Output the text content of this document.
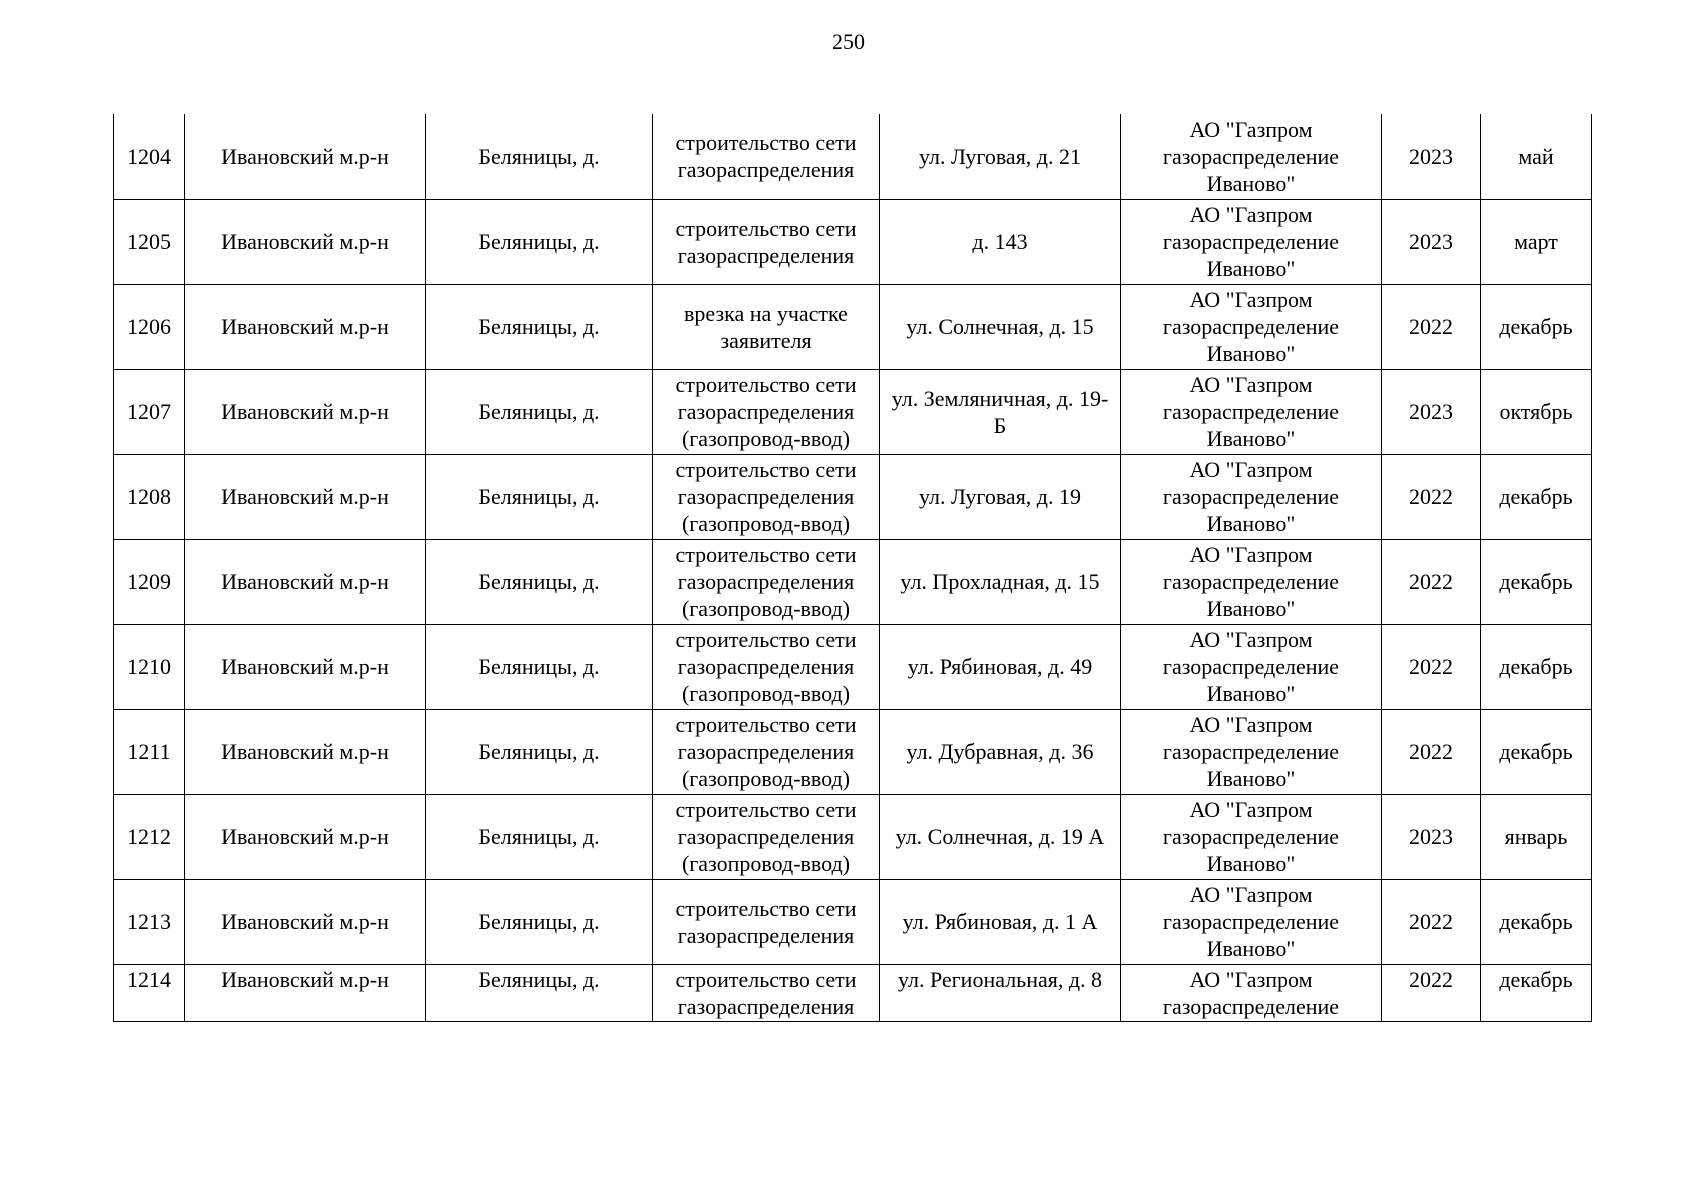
250
1204	Ивановский м.р-н	Беляницы, д.	строительство сети газораспределения	ул. Луговая, д. 21	АО "Газпром газораспределение Иваново"	2023	май

1205	Ивановский м.р-н	Беляницы, д.	строительство сети газораспределения	д. 143	АО "Газпром газораспределение Иваново"	2023	март

1206	Ивановский м.р-н	Беляницы, д.	врезка на участке заявителя	ул. Солнечная, д. 15	АО "Газпром газораспределение Иваново"	2022	декабрь

1207	Ивановский м.р-н	Беляницы, д.	строительство сети газораспределения (газопровод-ввод)	ул. Земляничная, д. 19-Б	АО "Газпром газораспределение Иваново"	2023	октябрь

1208	Ивановский м.р-н	Беляницы, д.	строительство сети газораспределения (газопровод-ввод)	ул. Луговая, д. 19	АО "Газпром газораспределение Иваново"	2022	декабрь

1209	Ивановский м.р-н	Беляницы, д.	строительство сети газораспределения (газопровод-ввод)	ул. Прохладная, д. 15	АО "Газпром газораспределение Иваново"	2022	декабрь

1210	Ивановский м.р-н	Беляницы, д.	строительство сети газораспределения (газопровод-ввод)	ул. Рябиновая, д. 49	АО "Газпром газораспределение Иваново"	2022	декабрь

1211	Ивановский м.р-н	Беляницы, д.	строительство сети газораспределения (газопровод-ввод)	ул. Дубравная, д. 36	АО "Газпром газораспределение Иваново"	2022	декабрь

1212	Ивановский м.р-н	Беляницы, д.	строительство сети газораспределения (газопровод-ввод)	ул. Солнечная, д. 19 А	АО "Газпром газораспределение Иваново"	2023	январь

1213	Ивановский м.р-н	Беляницы, д.	строительство сети газораспределения	ул. Рябиновая, д. 1 А	АО "Газпром газораспределение Иваново"	2022	декабрь

1214	Ивановский м.р-н	Беляницы, д.	строительство сети газораспределения	ул. Региональная, д. 8	АО "Газпром газораспределение	2022	декабрь
